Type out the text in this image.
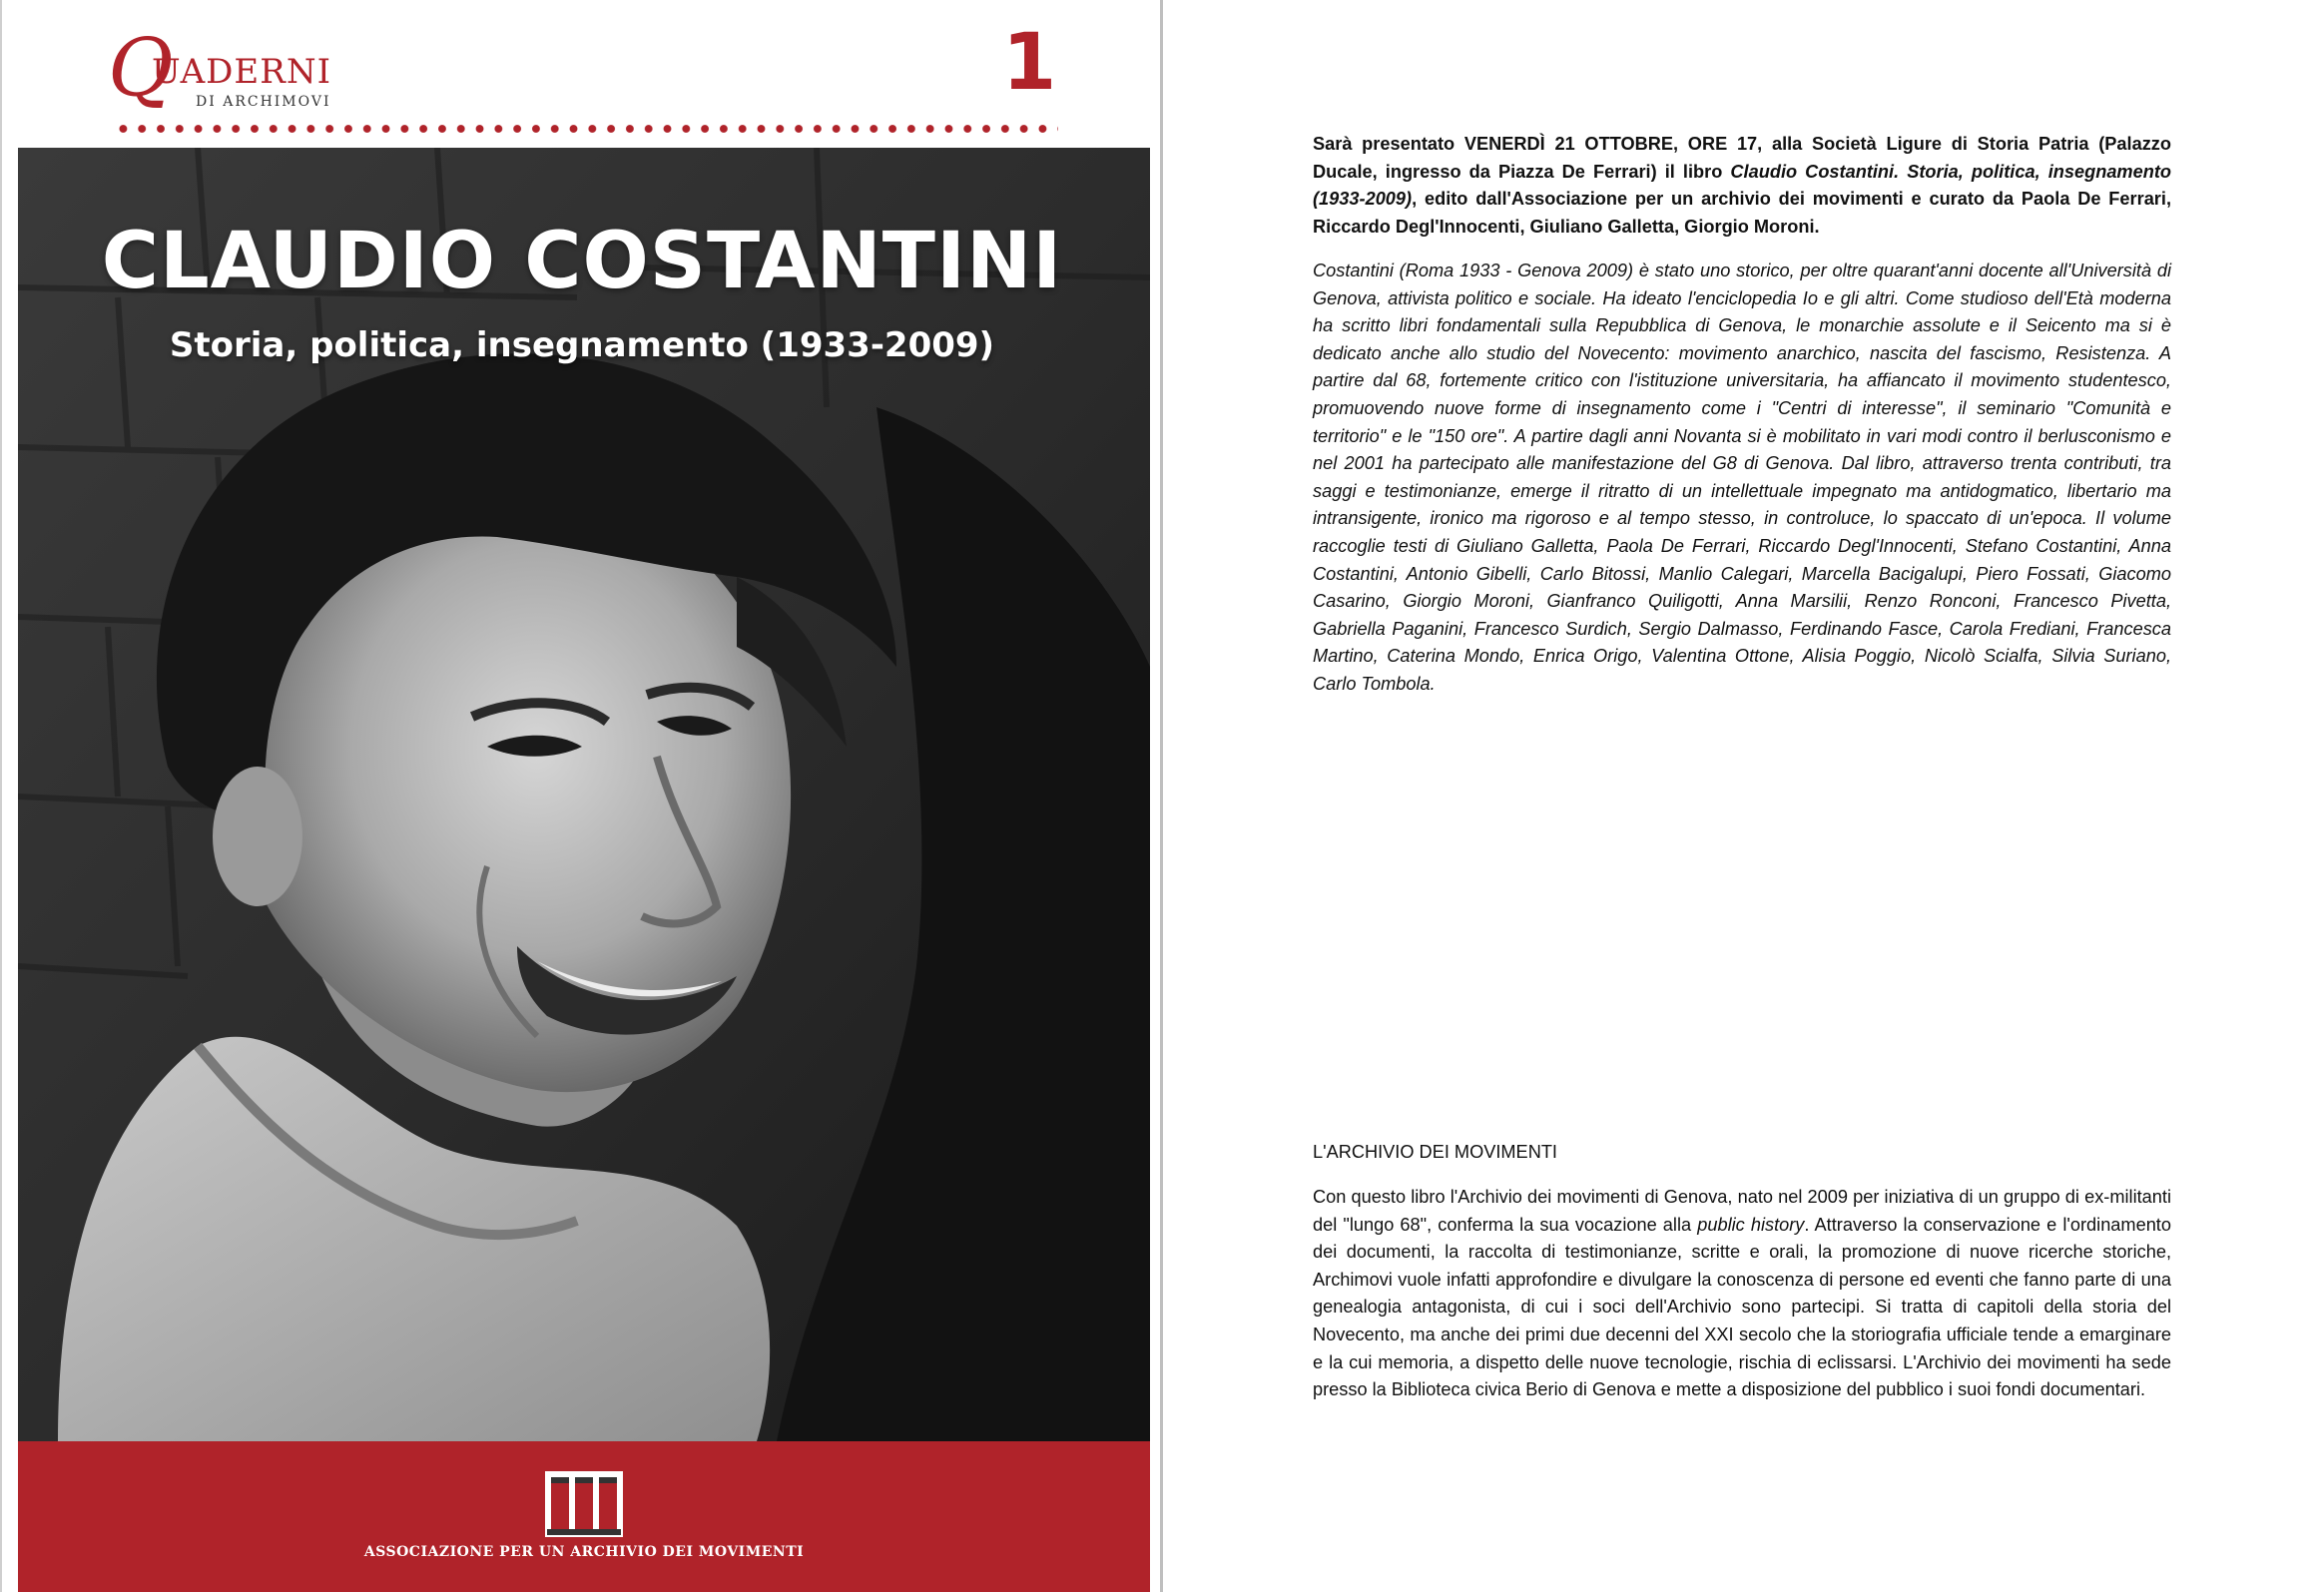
Q
UADERNI
DI ARCHIMOVI	1
CLAUDIO COSTANTINI
Storia, politica, insegnamento (1933-2009)
ASSOCIAZIONE PER UN ARCHIVIO DEI MOVIMENTI

Sarà presentato VENERDÌ 21 OTTOBRE, ORE 17, alla Società Ligure di Storia Patria (Palazzo Ducale, ingresso da Piazza De Ferrari) il libro Claudio Costantini. Storia, politica, insegnamento (1933-2009), edito dall'Associazione per un archivio dei movimenti e curato da Paola De Ferrari, Riccardo Degl'Innocenti, Giuliano Galletta, Giorgio Moroni.

Costantini (Roma 1933 - Genova 2009) è stato uno storico, per oltre quarant'anni docente all'Università di Genova, attivista politico e sociale. Ha ideato l'enciclopedia Io e gli altri. Come studioso dell'Età moderna ha scritto libri fondamentali sulla Repubblica di Genova, le monarchie assolute e il Seicento ma si è dedicato anche allo studio del Novecento: movimento anarchico, nascita del fascismo, Resistenza. A partire dal 68, fortemente critico con l'istituzione universitaria, ha affiancato il movimento studentesco, promuovendo nuove forme di insegnamento come i "Centri di interesse", il seminario "Comunità e territorio" e le "150 ore". A partire dagli anni Novanta si è mobilitato in vari modi contro il berlusconismo e nel 2001 ha partecipato alle manifestazione del G8 di Genova. Dal libro, attraverso trenta contributi, tra saggi e testimonianze, emerge il ritratto di un intellettuale impegnato ma antidogmatico, libertario ma intransigente, ironico ma rigoroso e al tempo stesso, in controluce, lo spaccato di un'epoca. Il volume raccoglie testi di Giuliano Galletta, Paola De Ferrari, Riccardo Degl'Innocenti, Stefano Costantini, Anna Costantini, Antonio Gibelli, Carlo Bitossi, Manlio Calegari, Marcella Bacigalupi, Piero Fossati, Giacomo Casarino, Giorgio Moroni, Gianfranco Quiligotti, Anna Marsilii, Renzo Ronconi, Francesco Pivetta, Gabriella Paganini, Francesco Surdich, Sergio Dalmasso, Ferdinando Fasce, Carola Frediani, Francesca Martino, Caterina Mondo, Enrica Origo, Valentina Ottone, Alisia Poggio, Nicolò Scialfa, Silvia Suriano, Carlo Tombola.

L'ARCHIVIO DEI MOVIMENTI

Con questo libro l'Archivio dei movimenti di Genova, nato nel 2009 per iniziativa di un gruppo di ex-militanti del "lungo 68", conferma la sua vocazione alla public history. Attraverso la conservazione e l'ordinamento dei documenti, la raccolta di testimonianze, scritte e orali, la promozione di nuove ricerche storiche, Archimovi vuole infatti approfondire e divulgare la conoscenza di persone ed eventi che fanno parte di una genealogia antagonista, di cui i soci dell'Archivio sono partecipi. Si tratta di capitoli della storia del Novecento, ma anche dei primi due decenni del XXI secolo che la storiografia ufficiale tende a emarginare e la cui memoria, a dispetto delle nuove tecnologie, rischia di eclissarsi. L'Archivio dei movimenti ha sede presso la Biblioteca civica Berio di Genova e mette a disposizione del pubblico i suoi fondi documentari.
